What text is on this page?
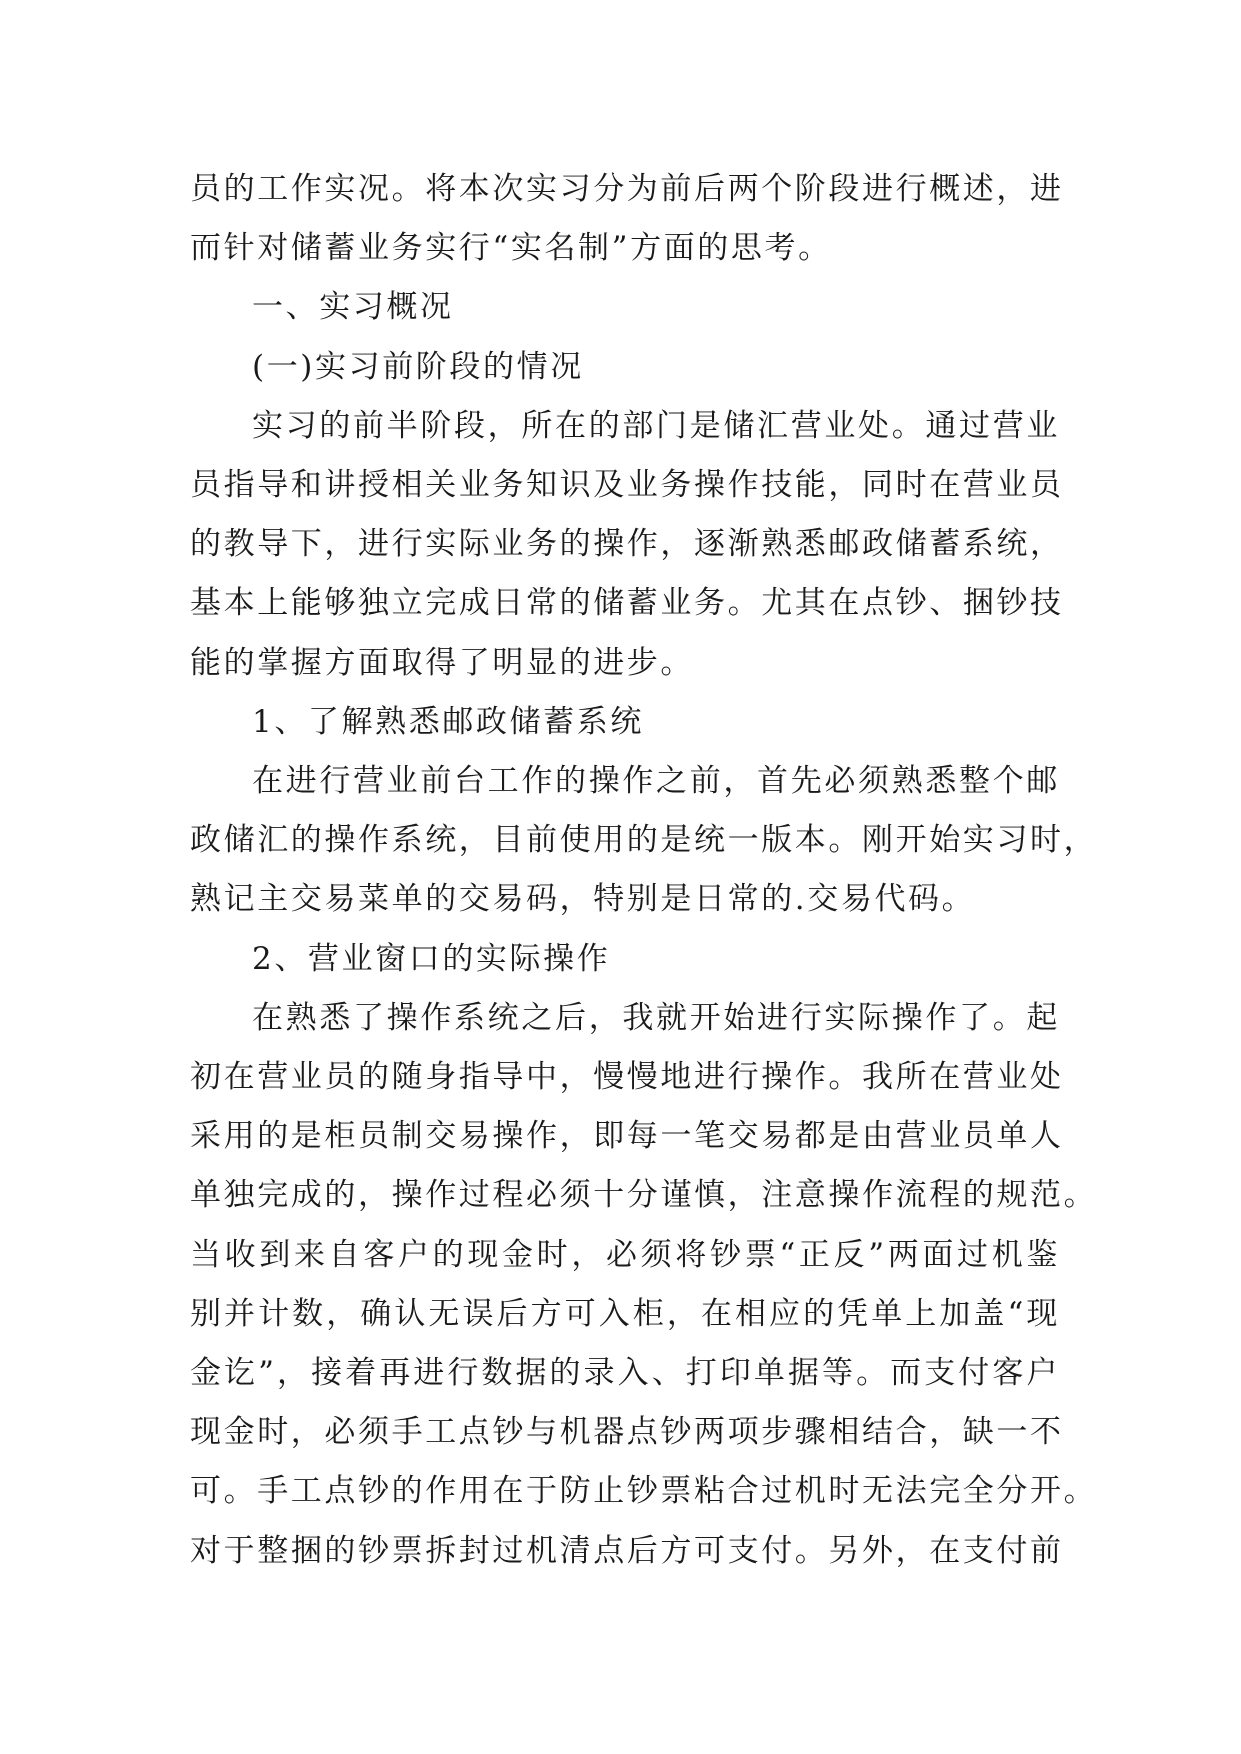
员的工作实况。将本次实习分为前后两个阶段进行概述，进
而针对储蓄业务实行“实名制”方面的思考。
一、实习概况
(一)实习前阶段的情况
实习的前半阶段，所在的部门是储汇营业处。通过营业
员指导和讲授相关业务知识及业务操作技能，同时在营业员
的教导下，进行实际业务的操作，逐渐熟悉邮政储蓄系统，
基本上能够独立完成日常的储蓄业务。尤其在点钞、捆钞技
能的掌握方面取得了明显的进步。
1、了解熟悉邮政储蓄系统
在进行营业前台工作的操作之前，首先必须熟悉整个邮
政储汇的操作系统，目前使用的是统一版本。刚开始实习时，
熟记主交易菜单的交易码，特别是日常的.交易代码。
2、营业窗口的实际操作
在熟悉了操作系统之后，我就开始进行实际操作了。起
初在营业员的随身指导中，慢慢地进行操作。我所在营业处
采用的是柜员制交易操作，即每一笔交易都是由营业员单人
单独完成的，操作过程必须十分谨慎，注意操作流程的规范。
当收到来自客户的现金时，必须将钞票“正反”两面过机鉴
别并计数，确认无误后方可入柜，在相应的凭单上加盖“现
金讫”，接着再进行数据的录入、打印单据等。而支付客户
现金时，必须手工点钞与机器点钞两项步骤相结合，缺一不
可。手工点钞的作用在于防止钞票粘合过机时无法完全分开。
对于整捆的钞票拆封过机清点后方可支付。另外，在支付前
